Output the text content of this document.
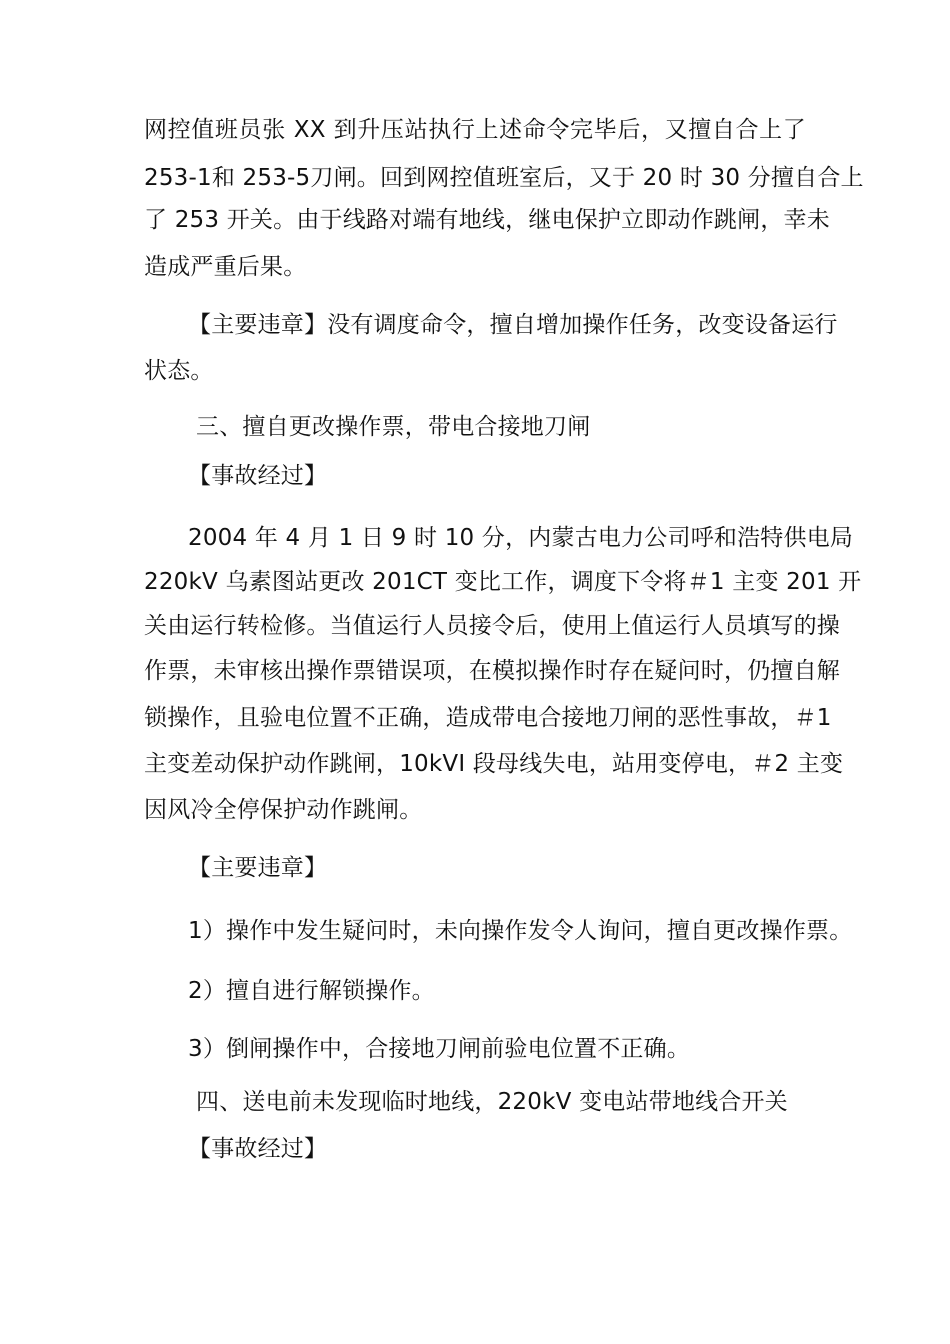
网控值班员张 XX 到升压站执行上述命令完毕后，又擅自合上了
253-1和 253-5刀闸。回到网控值班室后，又于 20 时 30 分擅自合上
了 253 开关。由于线路对端有地线，继电保护立即动作跳闸，幸未
造成严重后果。
【主要违章】没有调度命令，擅自增加操作任务，改变设备运行
状态。
三、擅自更改操作票，带电合接地刀闸
【事故经过】
2004 年 4 月 1 日 9 时 10 分，内蒙古电力公司呼和浩特供电局
220kV 乌素图站更改 201CT 变比工作，调度下令将＃1 主变 201 开
关由运行转检修。当值运行人员接令后，使用上值运行人员填写的操
作票，未审核出操作票错误项，在模拟操作时存在疑问时，仍擅自解
锁操作，且验电位置不正确，造成带电合接地刀闸的恶性事故，＃1
主变差动保护动作跳闸，10kVI 段母线失电，站用变停电，＃2 主变
因风冷全停保护动作跳闸。
【主要违章】
1）操作中发生疑问时，未向操作发令人询问，擅自更改操作票。
2）擅自进行解锁操作。
3）倒闸操作中，合接地刀闸前验电位置不正确。
四、送电前未发现临时地线，220kV 变电站带地线合开关
【事故经过】
